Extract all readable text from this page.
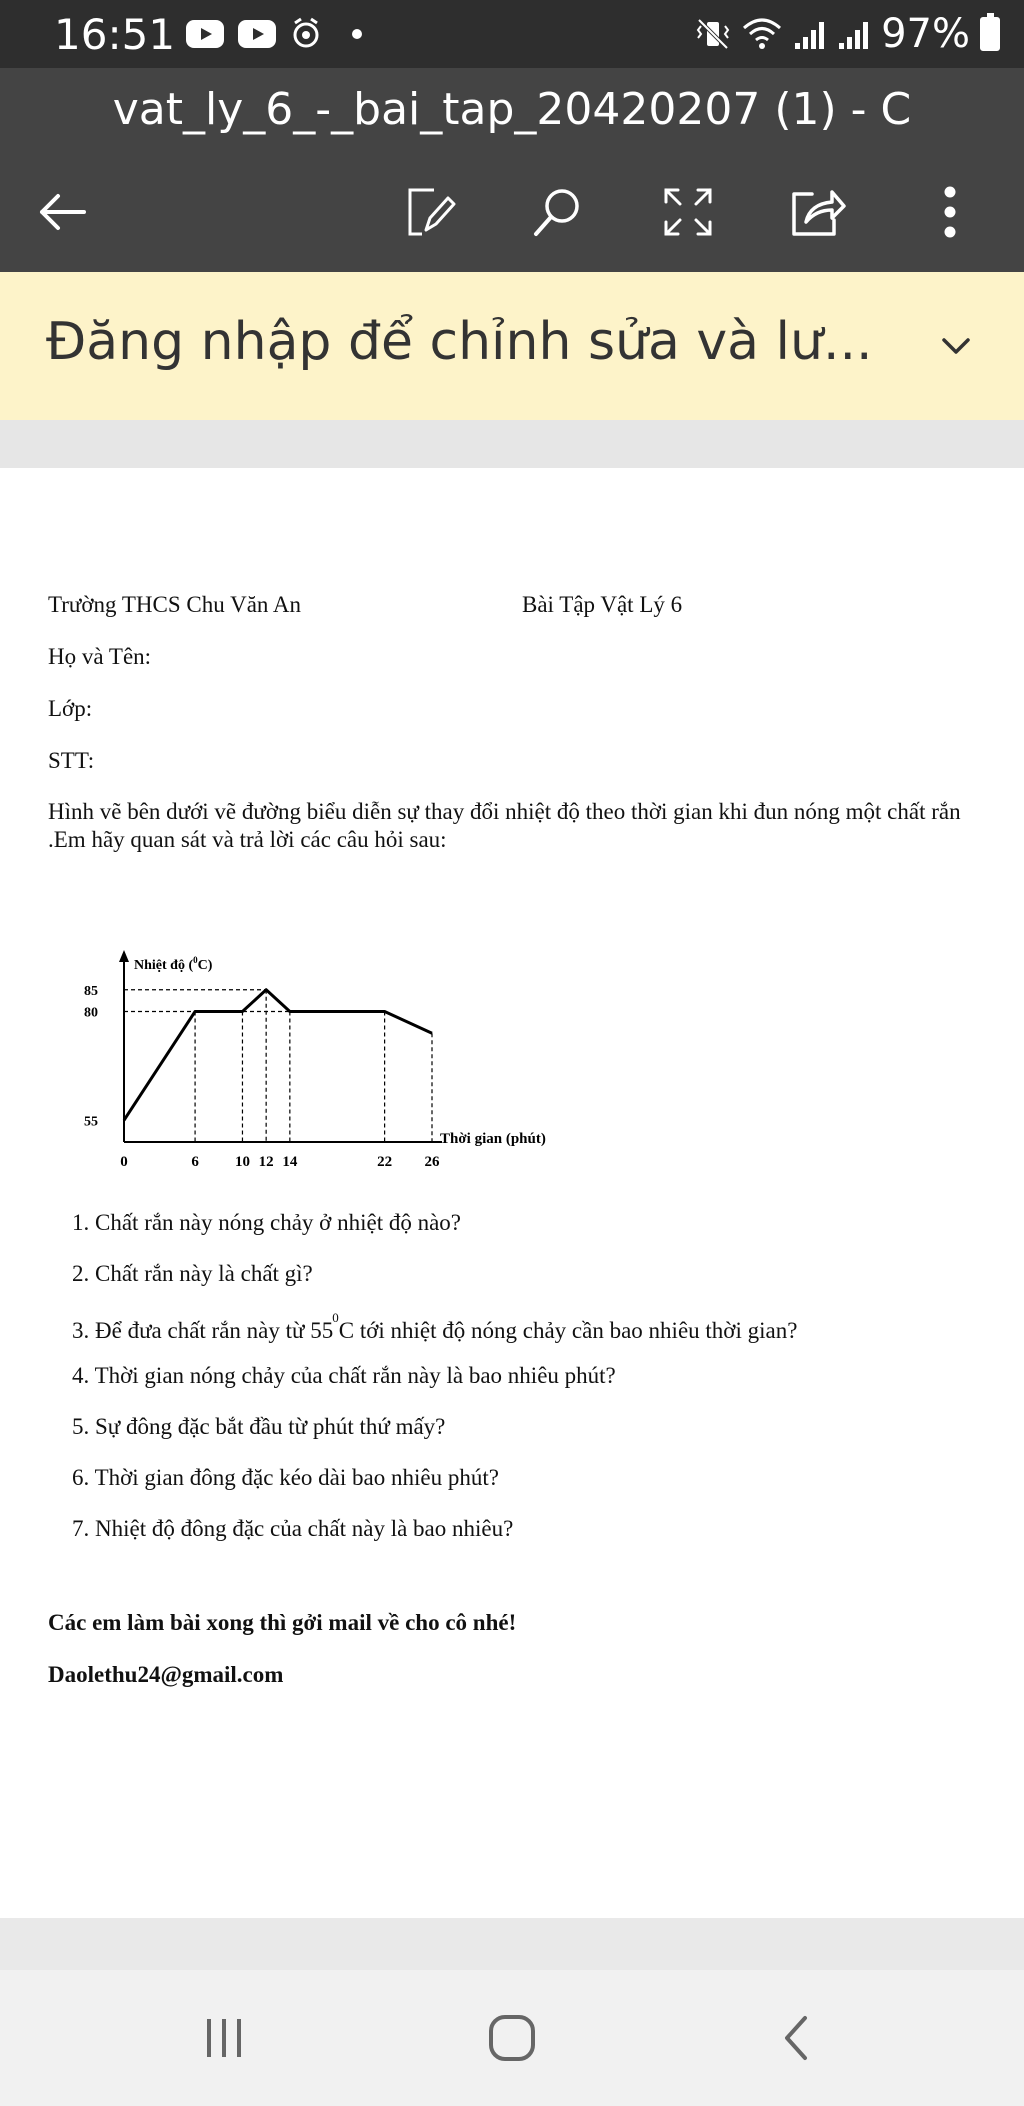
16:51	97%
vat_ly_6_-_bai_tap_20420207 (1) - C
Đăng nhập để chỉnh sửa và lư...
Trường THCS Chu Văn An	Bài Tập Vật Lý 6
Họ và Tên:
Lớp:
STT:
Hình vẽ bên dưới vẽ đường biểu diễn sự thay đổi nhiệt độ theo thời gian khi đun nóng một chất rắn .Em hãy quan sát và trả lời các câu hỏi sau:
Nhiệt độ ($^0$C)
Thời gian (phút)
55
80
85
0	6 10 12 14	22 26
1. Chất rắn này nóng chảy ở nhiệt độ nào?
2. Chất rắn này là chất gì?
3. Để đưa chất rắn này từ $55^0C$ tới nhiệt độ nóng chảy cần bao nhiêu thời gian?
4. Thời gian nóng chảy của chất rắn này là bao nhiêu phút?
5. Sự đông đặc bắt đầu từ phút thứ mấy?
6. Thời gian đông đặc kéo dài bao nhiêu phút?
7. Nhiệt độ đông đặc của chất này là bao nhiêu?
Các em làm bài xong thì gởi mail về cho cô nhé!
Daolethu24@gmail.com
